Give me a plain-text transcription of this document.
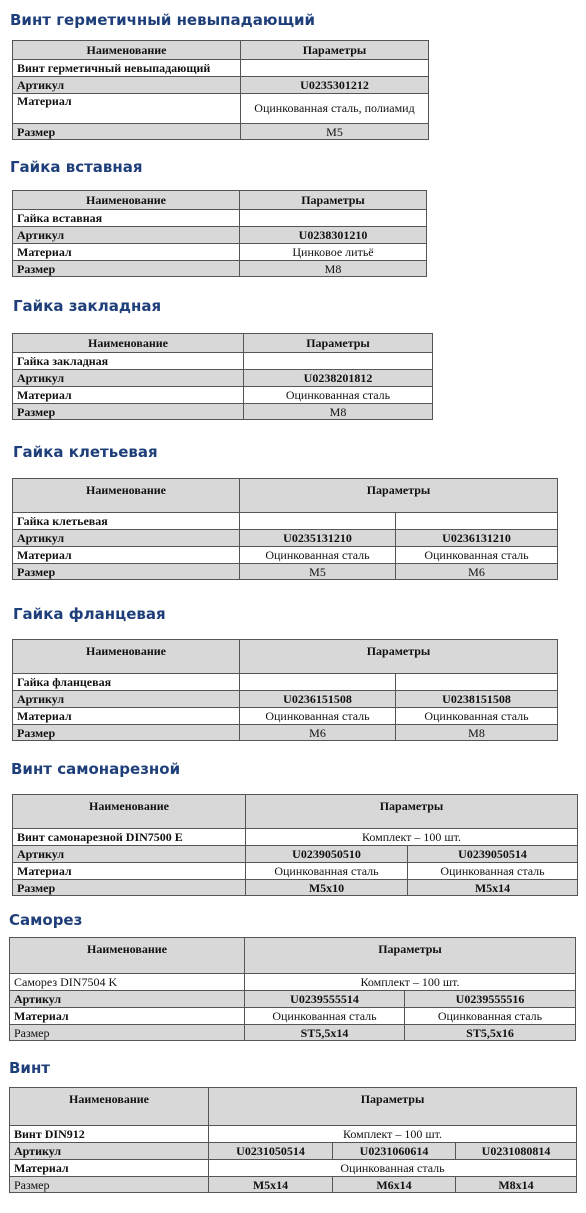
Винт герметичный невыпадающий
Наименование	Параметры
Винт герметичный невыпадающий	
Артикул	U0235301212
Материал	Оцинкованная сталь, полиамид
Размер	M5
Гайка вставная
Наименование	Параметры
Гайка вставная	
Артикул	U0238301210
Материал	Цинковое литьё
Размер	M8
Гайка закладная
Наименование	Параметры
Гайка закладная	
Артикул	U0238201812
Материал	Оцинкованная сталь
Размер	M8
Гайка клетьевая
Наименование	Параметры	
Гайка клетьевая		
Артикул	U0235131210	U0236131210
Материал	Оцинкованная сталь	Оцинкованная сталь
Размер	M5	M6
Гайка фланцевая
Наименование	Параметры	
Гайка фланцевая		
Артикул	U0236151508	U0238151508
Материал	Оцинкованная сталь	Оцинкованная сталь
Размер	M6	M8
Винт самонарезной
Наименование	Параметры	
Винт самонарезной DIN7500 E	Комплект – 100 шт.	
Артикул	U0239050510	U0239050514
Материал	Оцинкованная сталь	Оцинкованная сталь
Размер	M5x10	M5x14
Саморез
Наименование	Параметры	
Саморез DIN7504 K	Комплект – 100 шт.	
Артикул	U0239555514	U0239555516
Материал	Оцинкованная сталь	Оцинкованная сталь
Размер	ST5,5x14	ST5,5x16
Винт
Наименование	Параметры		
Винт DIN912	Комплект – 100 шт.		
Артикул	U0231050514	U0231060614	U0231080814
Материал	Оцинкованная сталь		
Размер	M5x14	M6x14	M8x14
